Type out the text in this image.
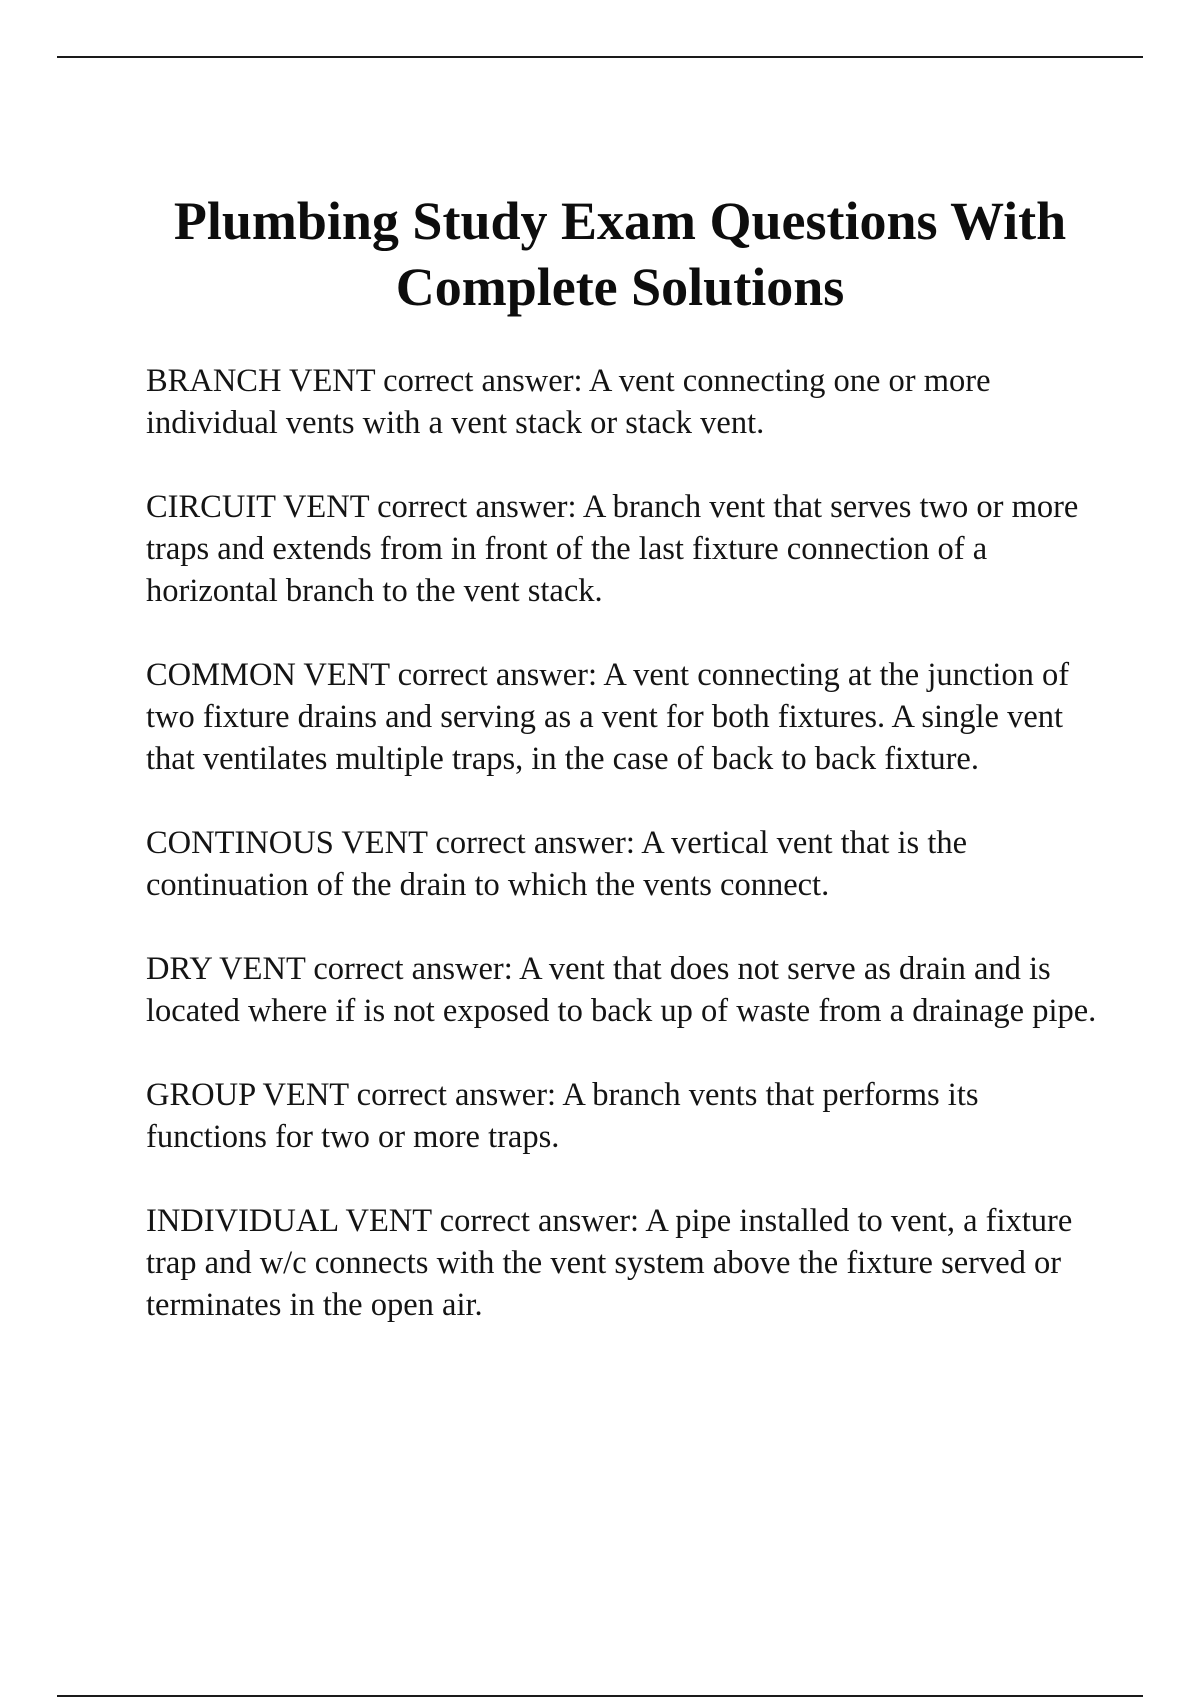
Plumbing Study Exam Questions With
Complete Solutions

BRANCH VENT correct answer: A vent connecting one or more individual vents with a vent stack or stack vent.

CIRCUIT VENT correct answer: A branch vent that serves two or more traps and extends from in front of the last fixture connection of a horizontal branch to the vent stack.

COMMON VENT correct answer: A vent connecting at the junction of two fixture drains and serving as a vent for both fixtures. A single vent that ventilates multiple traps, in the case of back to back fixture.

CONTINOUS VENT correct answer: A vertical vent that is the continuation of the drain to which the vents connect.

DRY VENT correct answer: A vent that does not serve as drain and is located where if is not exposed to back up of waste from a drainage pipe.

GROUP VENT correct answer: A branch vents that performs its functions for two or more traps.

INDIVIDUAL VENT correct answer: A pipe installed to vent, a fixture trap and w/c connects with the vent system above the fixture served or terminates in the open air.
